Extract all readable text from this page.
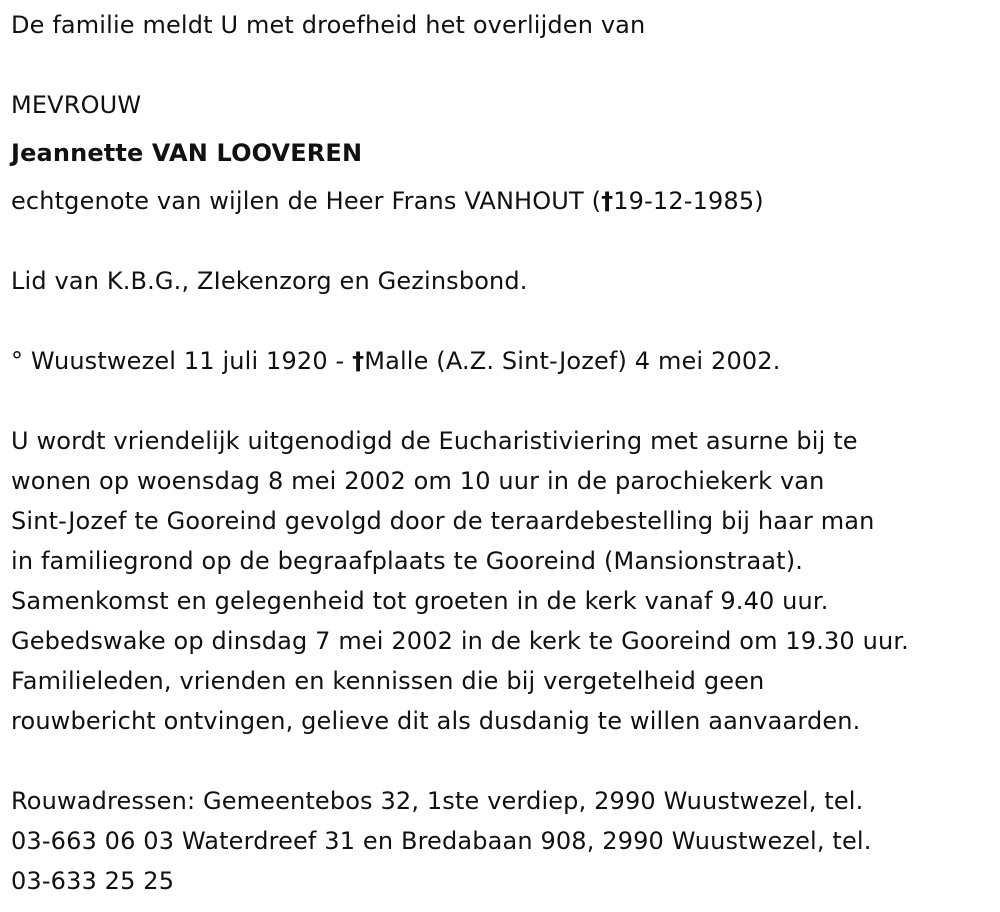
De familie meldt U met droefheid het overlijden van
MEVROUW
Jeannette VAN LOOVEREN
echtgenote van wijlen de Heer Frans VANHOUT (†19-12-1985)
Lid van K.B.G., ZIekenzorg en Gezinsbond.
° Wuustwezel 11 juli 1920 - †Malle (A.Z. Sint-Jozef) 4 mei 2002.
U wordt vriendelijk uitgenodigd de Eucharistiviering met asurne bij te
wonen op woensdag 8 mei 2002 om 10 uur in de parochiekerk van
Sint-Jozef te Gooreind gevolgd door de teraardebestelling bij haar man
in familiegrond op de begraafplaats te Gooreind (Mansionstraat).
Samenkomst en gelegenheid tot groeten in de kerk vanaf 9.40 uur.
Gebedswake op dinsdag 7 mei 2002 in de kerk te Gooreind om 19.30 uur.
Familieleden, vrienden en kennissen die bij vergetelheid geen
rouwbericht ontvingen, gelieve dit als dusdanig te willen aanvaarden.
Rouwadressen: Gemeentebos 32, 1ste verdiep, 2990 Wuustwezel, tel.
03-663 06 03 Waterdreef 31 en Bredabaan 908, 2990 Wuustwezel, tel.
03-633 25 25
